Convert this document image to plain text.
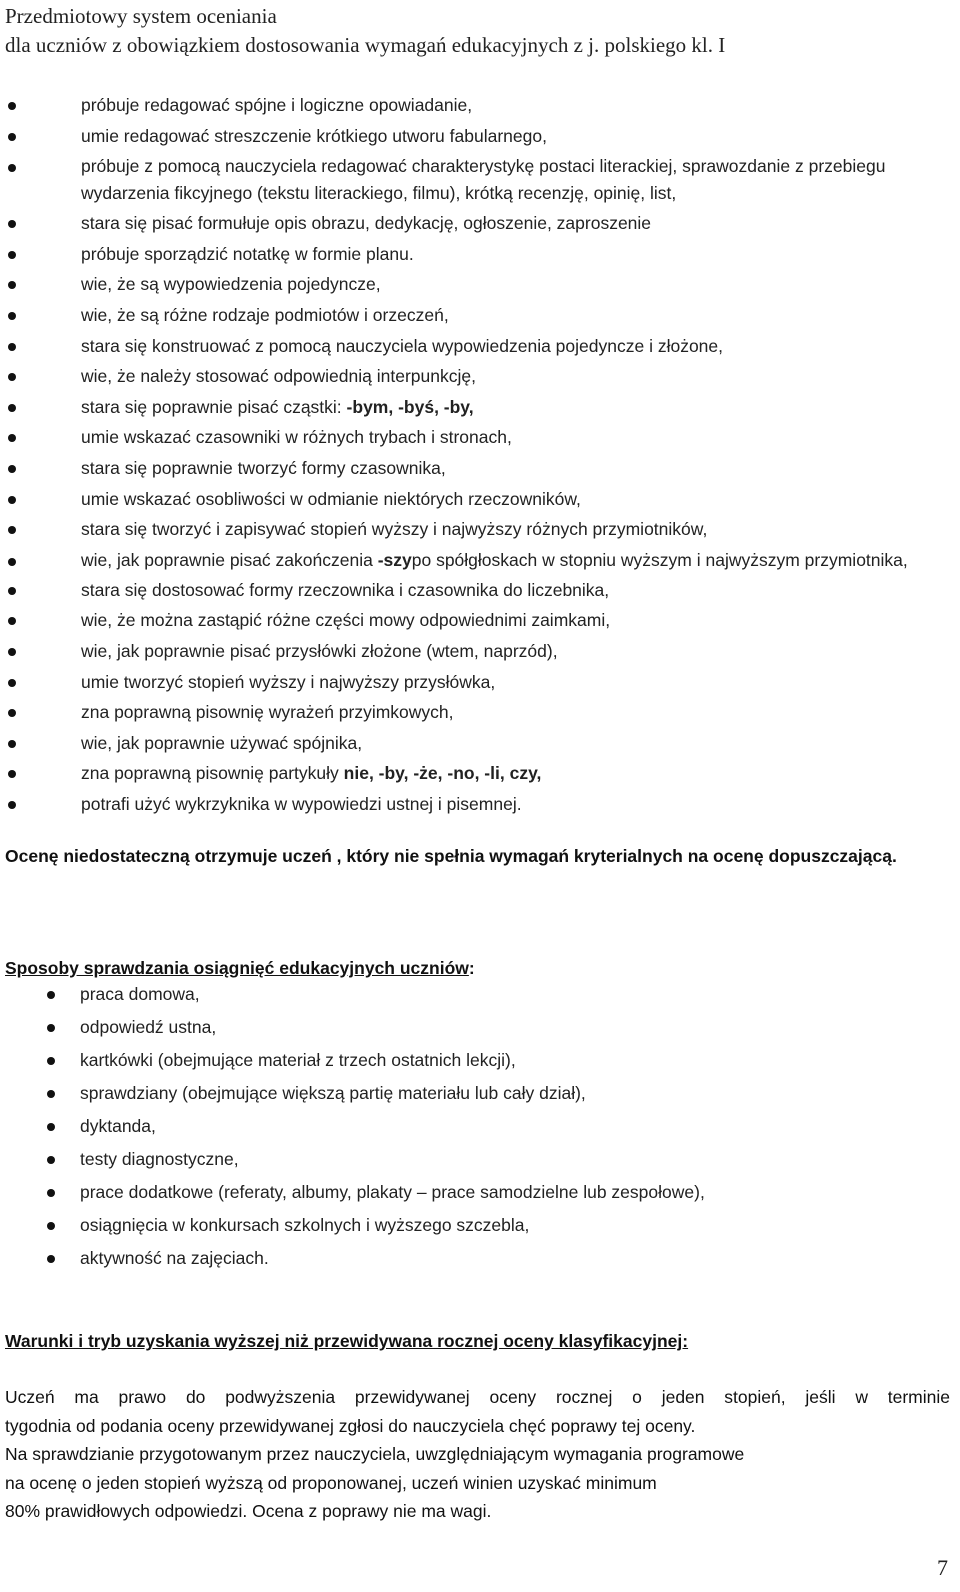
Przedmiotowy system oceniania
dla uczniów z obowiązkiem dostosowania wymagań edukacyjnych z j. polskiego kl. I
próbuje redagować spójne i logiczne opowiadanie,
umie redagować streszczenie krótkiego utworu fabularnego,
próbuje z pomocą nauczyciela redagować charakterystykę postaci literackiej, sprawozdanie z przebiegu wydarzenia fikcyjnego (tekstu literackiego, filmu), krótką recenzję, opinię, list,
stara się pisać formułuje opis obrazu, dedykację, ogłoszenie, zaproszenie
próbuje sporządzić notatkę w formie planu.
wie, że są wypowiedzenia pojedyncze,
wie, że są różne rodzaje podmiotów i orzeczeń,
stara się konstruować z pomocą nauczyciela wypowiedzenia pojedyncze i złożone,
wie, że należy stosować odpowiednią interpunkcję,
stara się poprawnie pisać cząstki: -bym, -byś, -by,
umie wskazać czasowniki w różnych trybach i stronach,
stara się poprawnie tworzyć formy czasownika,
umie wskazać osobliwości w odmianie niektórych rzeczowników,
stara się tworzyć i zapisywać stopień wyższy i najwyższy różnych przymiotników,
wie, jak poprawnie pisać zakończenia -szypo spółgłoskach w stopniu wyższym i najwyższym przymiotnika,
stara się dostosować formy rzeczownika i czasownika do liczebnika,
wie, że można zastąpić różne części mowy odpowiednimi zaimkami,
wie, jak poprawnie pisać przysłówki złożone (wtem, naprzód),
umie tworzyć stopień wyższy i najwyższy przysłówka,
zna poprawną pisownię wyrażeń przyimkowych,
wie, jak poprawnie używać spójnika,
zna poprawną pisownię partykuły nie, -by, -że, -no, -li, czy,
potrafi użyć wykrzyknika w wypowiedzi ustnej i pisemnej.
Ocenę niedostateczną otrzymuje uczeń , który nie spełnia wymagań kryterialnych na ocenę dopuszczającą.
Sposoby sprawdzania osiągnięć edukacyjnych uczniów:
praca domowa,
odpowiedź ustna,
kartkówki (obejmujące materiał z trzech ostatnich lekcji),
sprawdziany (obejmujące większą partię materiału lub cały dział),
dyktanda,
testy diagnostyczne,
prace dodatkowe (referaty, albumy, plakaty – prace samodzielne lub zespołowe),
osiągnięcia w konkursach szkolnych i wyższego szczebla,
aktywność na zajęciach.
Warunki i tryb uzyskania wyższej niż przewidywana rocznej oceny klasyfikacyjnej:
Uczeń ma prawo do podwyższenia przewidywanej oceny rocznej o jeden stopień, jeśli w terminie
tygodnia od podania oceny przewidywanej zgłosi do nauczyciela chęć poprawy tej oceny.
Na sprawdzianie przygotowanym przez nauczyciela, uwzględniającym wymagania programowe
na ocenę o jeden stopień wyższą od proponowanej, uczeń winien uzyskać minimum
80% prawidłowych odpowiedzi. Ocena z poprawy nie ma wagi.
7
